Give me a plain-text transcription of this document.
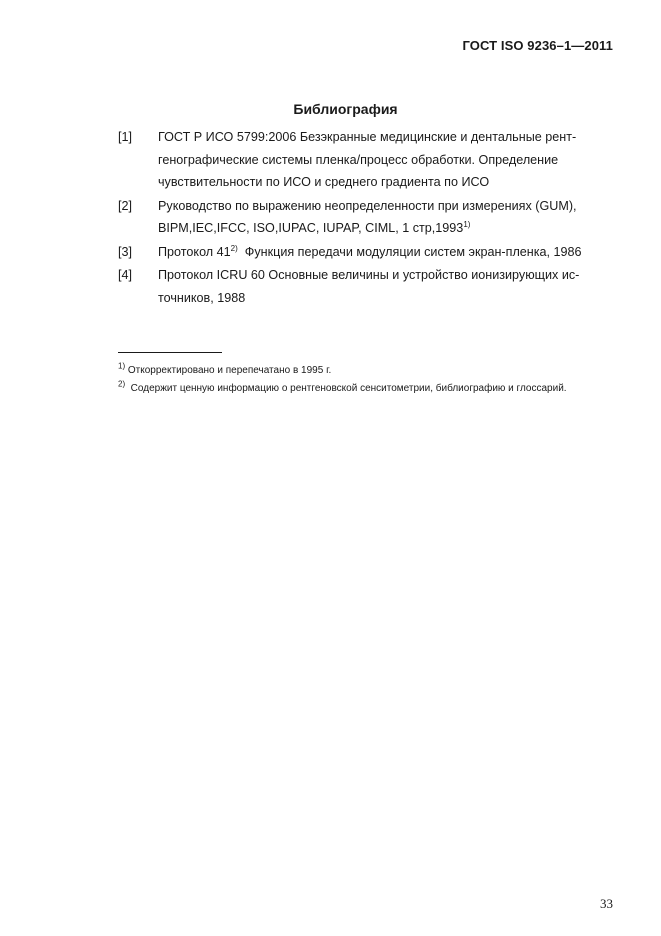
ГОСТ ISO 9236–1—2011
Библиография
[1]	ГОСТ Р ИСО 5799:2006 Безэкранные медицинские и дентальные рент-
генографические системы пленка/процесс обработки. Определение
чувствительности по ИСО и среднего градиента по ИСО
[2]	Руководство по выражению неопределенности при измерениях (GUM),
BIPM,IEC,IFCC, ISO,IUPAC, IUPAP, CIML, 1 стр,1993$^{1)}$
[3]	Протокол 41$^{2)}$  Функция передачи модуляции систем экран-пленка, 1986
[4]	Протокол ICRU 60 Основные величины и устройство ионизирующих ис-
точников, 1988
$^{1)}$ Откорректировано и перепечатано в 1995 г.
$^{2)}$  Содержит ценную информацию о рентгеновской сенситометрии, библиографию и глоссарий.
33
